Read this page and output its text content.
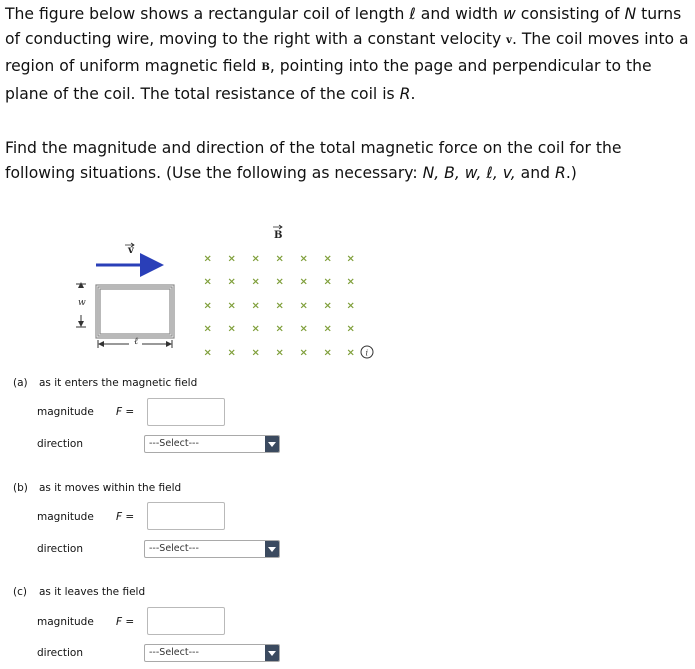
The figure below shows a rectangular coil of length ℓ and width w consisting of N turns of conducting wire, moving to the right with a constant velocity v. The coil moves into a region of uniform magnetic field B, pointing into the page and perpendicular to the plane of the coil. The total resistance of the coil is R.
Find the magnitude and direction of the total magnetic force on the coil for the following situations. (Use the following as necessary: N, B, w, ℓ, v, and R.)
v
w
ℓ
B
× × × × × × ×
× × × × × × ×
× × × × × × ×
× × × × × × ×
× × × × × × × i
(a) as it enters the magnetic field
magnitude F =
direction	---Select---
(b) as it moves within the field
magnitude F =
direction	---Select---
(c) as it leaves the field
magnitude F =
direction	---Select---
